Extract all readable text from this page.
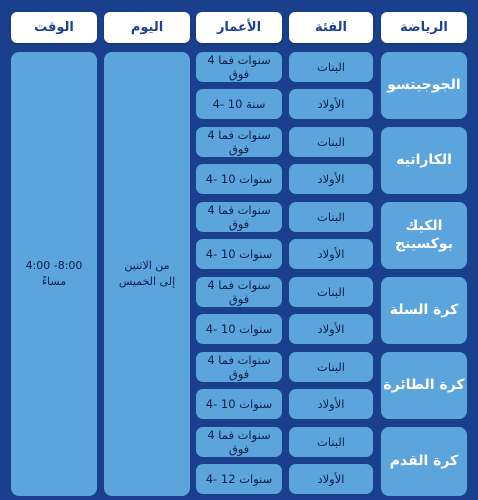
الرياضة
الفئة
الأعمار
اليوم
الوقت
4:00 -8:00
مساءً
من الاثنين
إلى الخميس
الجوجيتسو
البنات
الأولاد
4 سنوات فما فوق
4- 10 سنة
الكاراتيه
البنات
الأولاد
4 سنوات فما فوق
4- 10 سنوات
الكيك
بوكسينج
البنات
الأولاد
4 سنوات فما فوق
4- 10 سنوات
كرة السلة
البنات
الأولاد
4 سنوات فما فوق
4- 10 سنوات
كرة الطائرة
البنات
الأولاد
4 سنوات فما فوق
4- 10 سنوات
كرة القدم
البنات
الأولاد
4 سنوات فما فوق
4- 12 سنوات
